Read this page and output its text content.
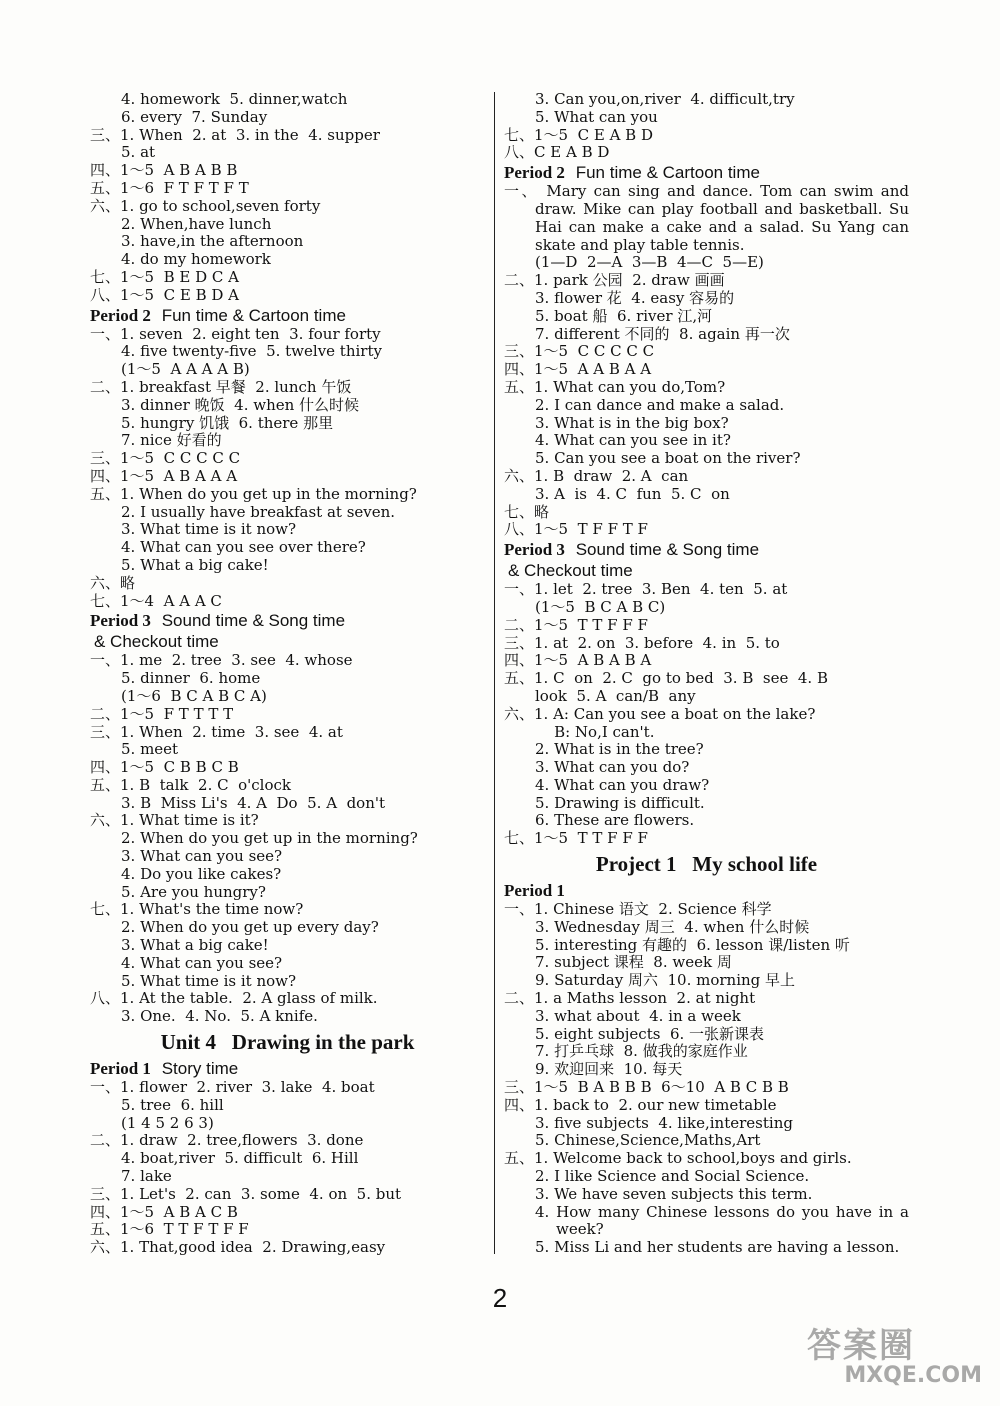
4. homework  5. dinner,watch
6. every  7. Sunday
三、1. When  2. at  3. in the  4. supper
5. at
四、1～5  A B A B B
五、1～6  F T F T F T
六、1. go to school,seven forty
2. When,have lunch
3. have,in the afternoon
4. do my homework
七、1～5  B E D C A
八、1～5  C E B D A
Period 2 Fun time & Cartoon time
一、1. seven  2. eight ten  3. four forty
4. five twenty-five  5. twelve thirty
(1～5  A A A A B)
二、1. breakfast 早餐  2. lunch 午饭
3. dinner 晚饭  4. when 什么时候
5. hungry 饥饿  6. there 那里
7. nice 好看的
三、1～5  C C C C C
四、1～5  A B A A A
五、1. When do you get up in the morning?
2. I usually have breakfast at seven.
3. What time is it now?
4. What can you see over there?
5. What a big cake!
六、略
七、1～4  A A A C
Period 3 Sound time & Song time
& Checkout time
一、1. me  2. tree  3. see  4. whose
5. dinner  6. home
(1～6  B C A B C A)
二、1～5  F T T T T
三、1. When  2. time  3. see  4. at
5. meet
四、1～5  C B B C B
五、1. B  talk  2. C  o'clock
3. B  Miss Li's  4. A  Do  5. A  don't
六、1. What time is it?
2. When do you get up in the morning?
3. What can you see?
4. Do you like cakes?
5. Are you hungry?
七、1. What's the time now?
2. When do you get up every day?
3. What a big cake!
4. What can you see?
5. What time is it now?
八、1. At the table.  2. A glass of milk.
3. One.  4. No.  5. A knife.
Unit 4   Drawing in the park
Period 1 Story time
一、1. flower  2. river  3. lake  4. boat
5. tree  6. hill
(1 4 5 2 6 3)
二、1. draw  2. tree,flowers  3. done
4. boat,river  5. difficult  6. Hill
7. lake
三、1. Let's  2. can  3. some  4. on  5. but
四、1～5  A B A C B
五、1～6  T T F T F F
六、1. That,good idea  2. Drawing,easy
3. Can you,on,river  4. difficult,try
5. What can you
七、1～5  C E A B D
八、C E A B D
Period 2 Fun time & Cartoon time
一、 Mary can sing and dance. Tom can swim and
draw. Mike can play football and basketball. Su
Hai can make a cake and a salad. Su Yang can
skate and play table tennis.
(1—D  2—A  3—B  4—C  5—E)
二、1. park 公园  2. draw 画画
3. flower 花  4. easy 容易的
5. boat 船  6. river 江,河
7. different 不同的  8. again 再一次
三、1～5  C C C C C
四、1～5  A A B A A
五、1. What can you do,Tom?
2. I can dance and make a salad.
3. What is in the big box?
4. What can you see in it?
5. Can you see a boat on the river?
六、1. B  draw  2. A  can
3. A  is  4. C  fun  5. C  on
七、略
八、1～5  T F F T F
Period 3 Sound time & Song time
& Checkout time
一、1. let  2. tree  3. Ben  4. ten  5. at
(1～5  B C A B C)
二、1～5  T T F F F
三、1. at  2. on  3. before  4. in  5. to
四、1～5  A B A B A
五、1. C  on  2. C  go to bed  3. B  see  4. B
look  5. A  can/B  any
六、1. A: Can you see a boat on the lake?
B: No,I can't.
2. What is in the tree?
3. What can you do?
4. What can you draw?
5. Drawing is difficult.
6. These are flowers.
七、1～5  T T F F F
Project 1   My school life
Period 1
一、1. Chinese 语文  2. Science 科学
3. Wednesday 周三  4. when 什么时候
5. interesting 有趣的  6. lesson 课/listen 听
7. subject 课程  8. week 周
9. Saturday 周六  10. morning 早上
二、1. a Maths lesson  2. at night
3. what about  4. in a week
5. eight subjects  6. 一张新课表
7. 打乒乓球  8. 做我的家庭作业
9. 欢迎回来  10. 每天
三、1～5  B A B B B  6～10  A B C B B
四、1. back to  2. our new timetable
3. five subjects  4. like,interesting
5. Chinese,Science,Maths,Art
五、1. Welcome back to school,boys and girls.
2. I like Science and Social Science.
3. We have seven subjects this term.
4. How many Chinese lessons do you have in a
week?
5. Miss Li and her students are having a lesson.
2
答案圈
MXQE.COM
